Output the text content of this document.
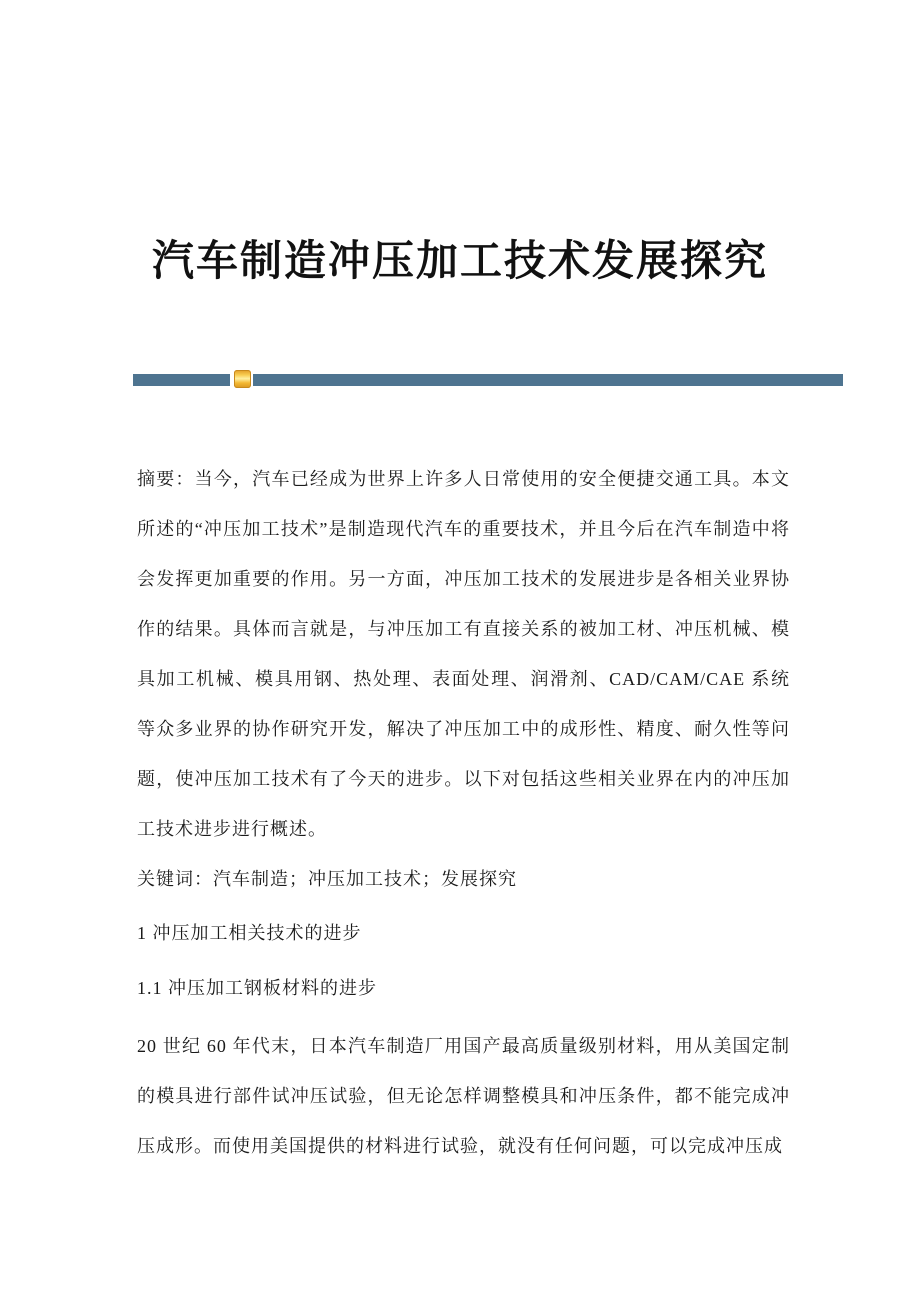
汽车制造冲压加工技术发展探究

摘要：当今，汽车已经成为世界上许多人日常使用的安全便捷交通工具。本文所述的“冲压加工技术”是制造现代汽车的重要技术，并且今后在汽车制造中将会发挥更加重要的作用。另一方面，冲压加工技术的发展进步是各相关业界协作的结果。具体而言就是，与冲压加工有直接关系的被加工材、冲压机械、模具加工机械、模具用钢、热处理、表面处理、润滑剂、CAD/CAM/CAE 系统等众多业界的协作研究开发，解决了冲压加工中的成形性、精度、耐久性等问题，使冲压加工技术有了今天的进步。以下对包括这些相关业界在内的冲压加工技术进步进行概述。

关键词：汽车制造；冲压加工技术；发展探究

1 冲压加工相关技术的进步
1.1 冲压加工钢板材料的进步

20 世纪 60 年代末，日本汽车制造厂用国产最高质量级别材料，用从美国定制的模具进行部件试冲压试验，但无论怎样调整模具和冲压条件，都不能完成冲压成形。而使用美国提供的材料进行试验，就没有任何问题，可以完成冲压成
